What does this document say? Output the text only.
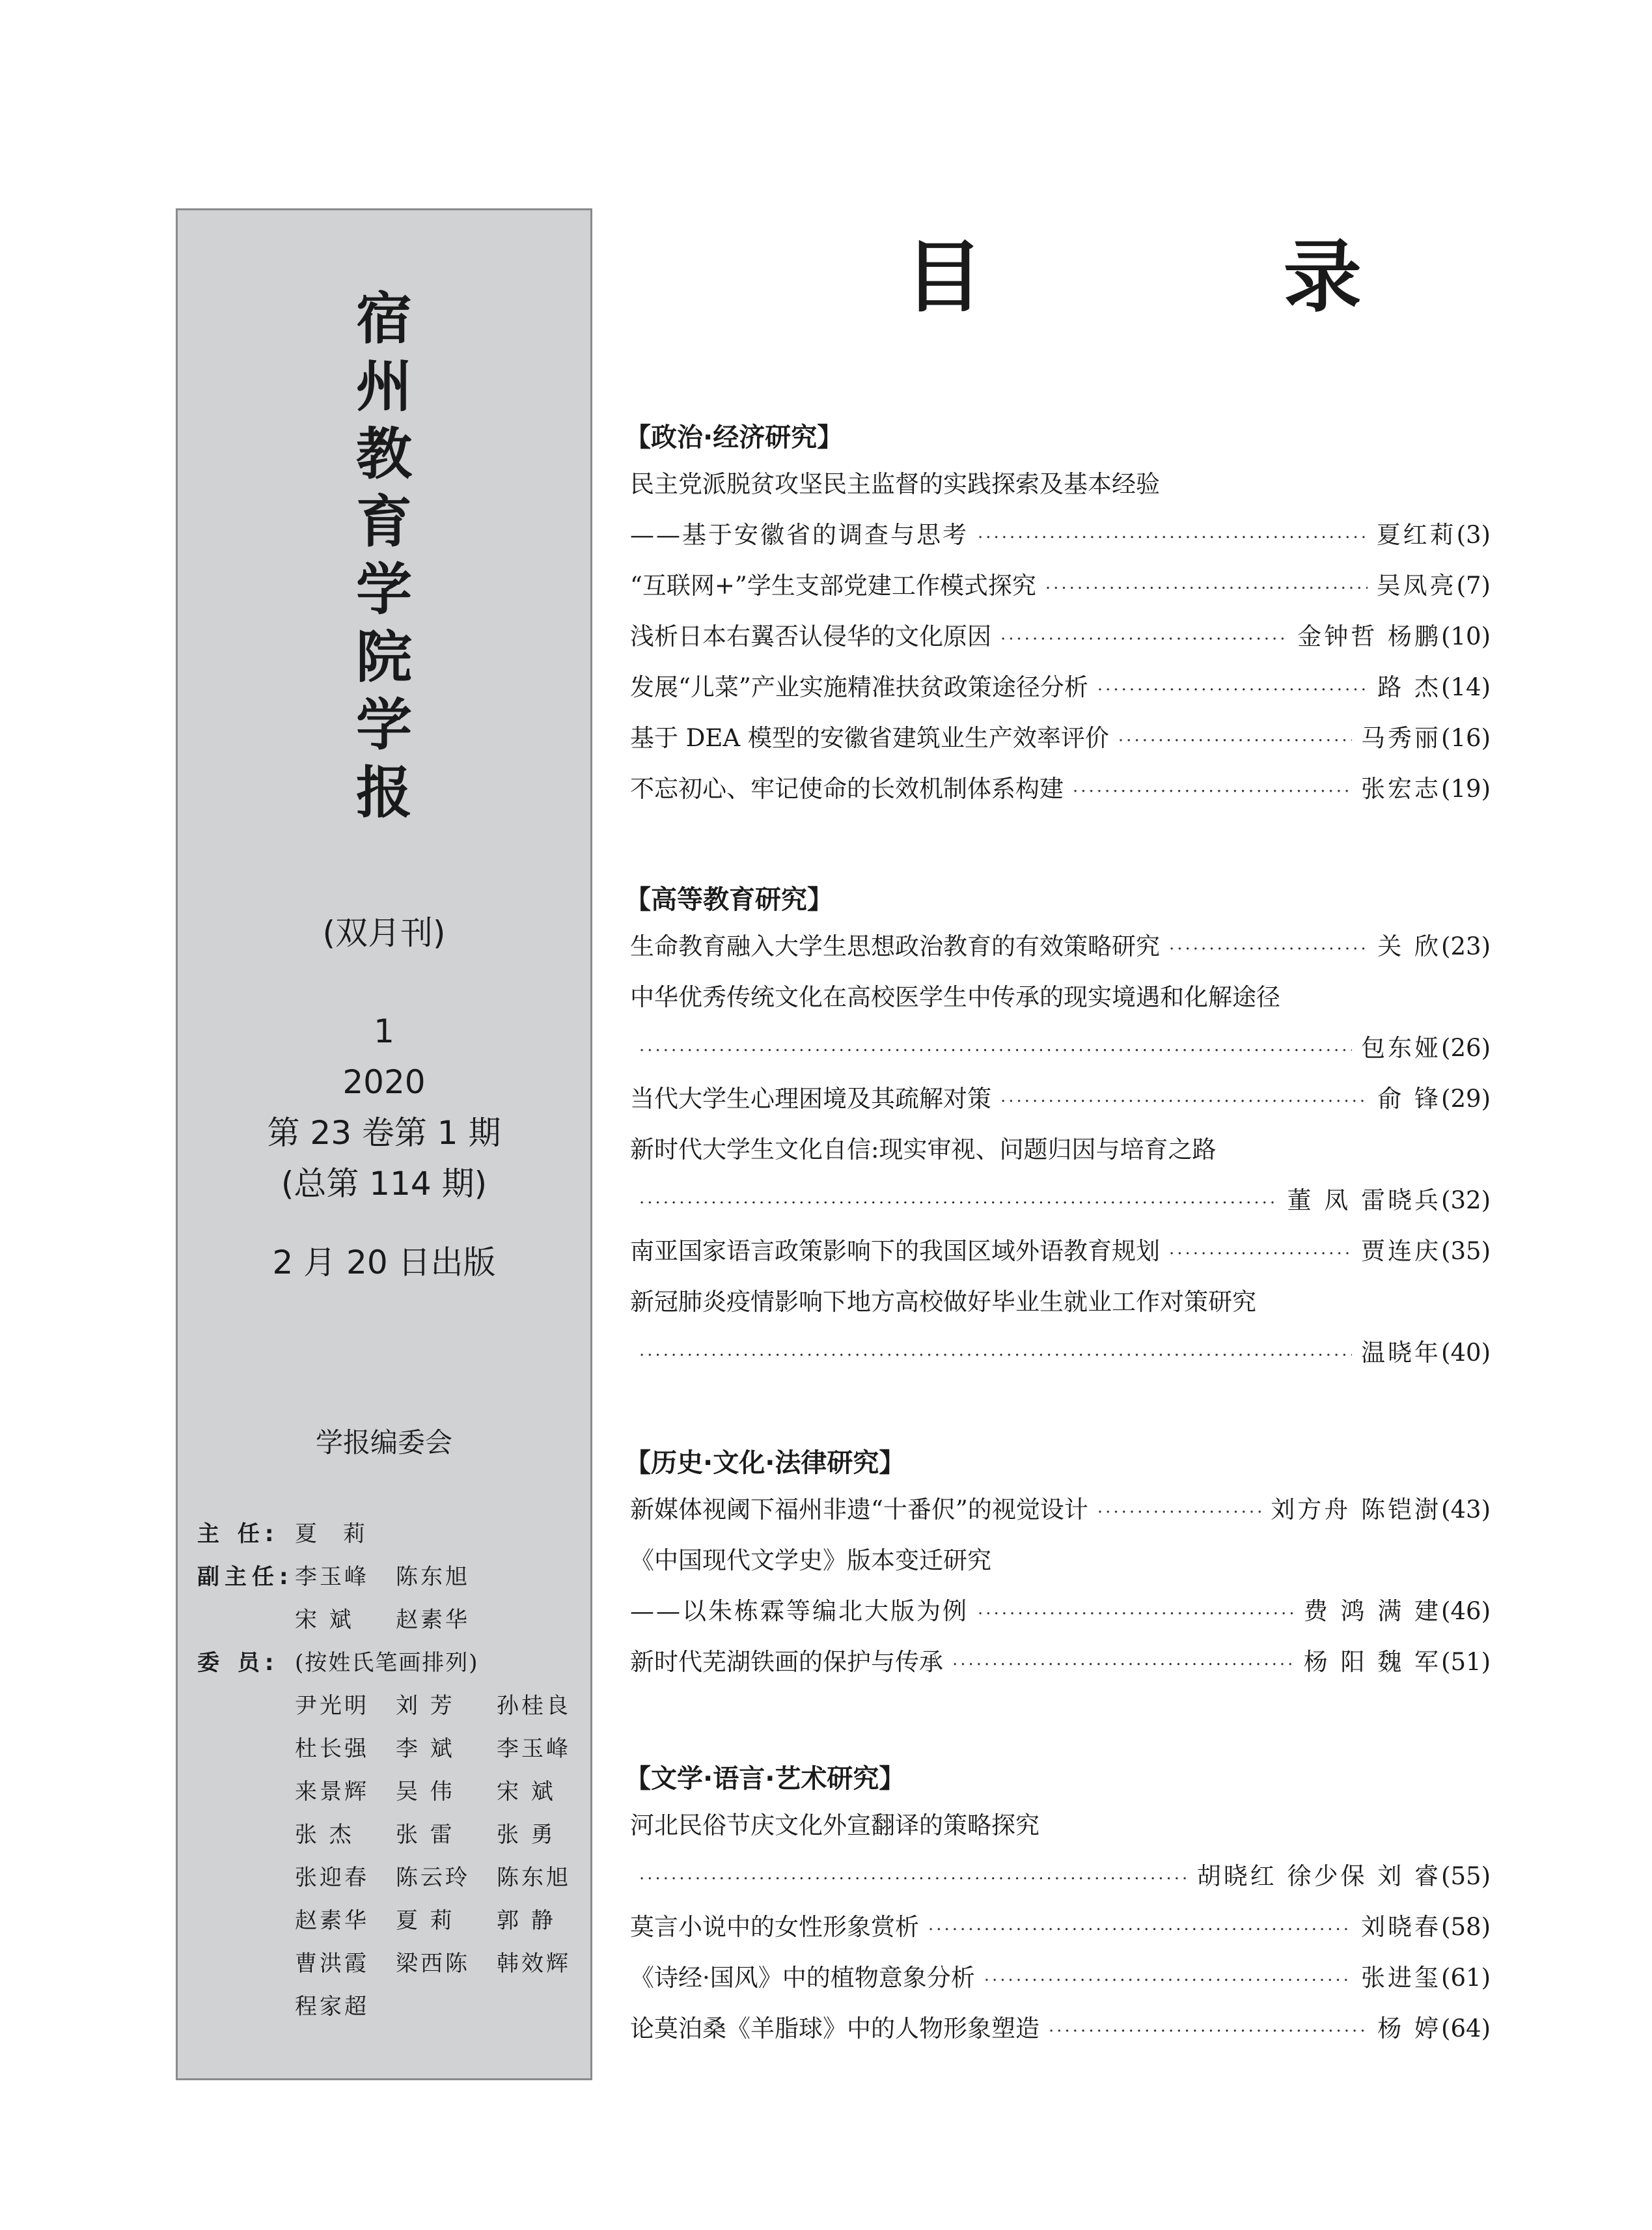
宿
州
教
育
学
院
学
报
(双月刊)
1
2020
第 23 卷第 1 期
(总第 114 期)
2 月 20 日出版
学报编委会
主 任: 夏莉
副主任:李玉峰 陈东旭
宋 斌 赵素华
委 员: (按姓氏笔画排列)
尹光明 刘 芳 孙桂良
杜长强 李 斌 李玉峰
来景辉 吴 伟 宋 斌
张 杰 张 雷 张 勇
张迎春 陈云玲 陈东旭
赵素华 夏 莉 郭 静
曹洪霞 梁西陈 韩效辉
程家超
目 录
【政治·经济研究】
民主党派脱贫攻坚民主监督的实践探索及基本经验
——基于安徽省的调查与思考 ·····	夏红莉 (3)
“互联网+”学生支部党建工作模式探究 ·····	吴凤亮 (7)
浅析日本右翼否认侵华的文化原因 ·····	金钟哲 杨鹏 (10)
发展“儿菜”产业实施精准扶贫政策途径分析 ·····	路 杰 (14)
基于 DEA 模型的安徽省建筑业生产效率评价 ·····	马秀丽 (16)
不忘初心、牢记使命的长效机制体系构建 ·····	张宏志 (19)
【高等教育研究】
生命教育融入大学生思想政治教育的有效策略研究 ·····	关 欣 (23)
中华优秀传统文化在高校医学生中传承的现实境遇和化解途径
·····
包东娅 (26)
当代大学生心理困境及其疏解对策 ·····	俞 锋 (29)
新时代大学生文化自信:现实审视、问题归因与培育之路
·····
董 凤 雷晓兵 (32)
南亚国家语言政策影响下的我国区域外语教育规划 ·····	贾连庆 (35)
新冠肺炎疫情影响下地方高校做好毕业生就业工作对策研究
·····
温晓年 (40)
【历史·文化·法律研究】
新媒体视阈下福州非遗“十番伬”的视觉设计 ·····	刘方舟 陈铠澍 (43)
《中国现代文学史》版本变迁研究
——以朱栋霖等编北大版为例 ·····	费 鸿 满 建 (46)
新时代芜湖铁画的保护与传承 ·····	杨 阳 魏 军 (51)
【文学·语言·艺术研究】
河北民俗节庆文化外宣翻译的策略探究
·····
胡晓红 徐少保 刘 睿 (55)
莫言小说中的女性形象赏析 ·····	刘晓春 (58)
《诗经·国风》中的植物意象分析 ·····	张进玺 (61)
论莫泊桑《羊脂球》中的人物形象塑造 ·····	杨 婷 (64)
